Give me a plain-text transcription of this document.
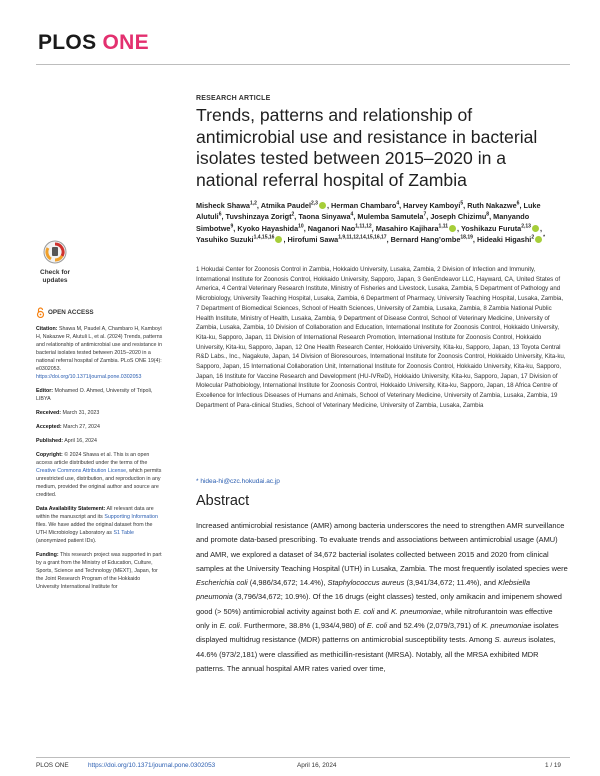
PLOS ONE
Check for
updates
OPEN ACCESS

Citation: Shawa M, Paudel A, Chambaro H, Kamboyi H, Nakazwe R, Alutuli L, et al. (2024) Trends, patterns and relationship of antimicrobial use and resistance in bacterial isolates tested between 2015–2020 in a national referral hospital of Zambia. PLoS ONE 19(4): e0302053. https://doi.org/10.1371/journal.pone.0302053

Editor: Mohamed O. Ahmed, University of Tripoli, LIBYA

Received: March 31, 2023

Accepted: March 27, 2024

Published: April 16, 2024

Copyright: © 2024 Shawa et al. This is an open access article distributed under the terms of the Creative Commons Attribution License, which permits unrestricted use, distribution, and reproduction in any medium, provided the original author and source are credited.

Data Availability Statement: All relevant data are within the manuscript and its Supporting Information files. We have added the original dataset from the UTH Microbiology Laboratory as S1 Table (anonymized patient IDs).

Funding: This research project was supported in part by a grant from the Ministry of Education, Culture, Sports, Science and Technology (MEXT), Japan, for the Joint Research Program of the Hokkaido University International Institute for

RESEARCH ARTICLE
Trends, patterns and relationship of antimicrobial use and resistance in bacterial isolates tested between 2015–2020 in a national referral hospital of Zambia
Misheck Shawa$^{1,2}$, Atmika Paudel$^{2,3}$ , Herman Chambaro$^4$, Harvey Kamboyi$^5$, Ruth Nakazwe$^6$, Luke Alutuli$^6$, Tuvshinzaya Zorigt$^2$, Taona Sinyawa$^4$, Mulemba Samutela$^7$, Joseph Chizimu$^8$, Manyando Simbotwe$^9$, Kyoko Hayashida$^{10}$, Naganori Nao$^{1,11,12}$, Masahiro Kajihara$^{1,11}$ , Yoshikazu Furuta$^{2,13}$ , Yasuhiko Suzuki$^{1,4,15,16}$ , Hirofumi Sawa$^{1,9,11,12,14,15,16,17}$, Bernard Hang’ombe$^{18,19}$, Hideaki Higashi$^2$ *
1 Hokudai Center for Zoonosis Control in Zambia, Hokkaido University, Lusaka, Zambia, 2 Division of Infection and Immunity, International Institute for Zoonosis Control, Hokkaido University, Sapporo, Japan, 3 GenEndeavor LLC, Hayward, CA, United States of America, 4 Central Veterinary Research Institute, Ministry of Fisheries and Livestock, Lusaka, Zambia, 5 Department of Pathology and Microbiology, University Teaching Hospital, Lusaka, Zambia, 6 Department of Pharmacy, University Teaching Hospital, Lusaka, Zambia, 7 Department of Biomedical Sciences, School of Health Sciences, University of Zambia, Lusaka, Zambia, 8 Zambia National Public Health Institute, Ministry of Health, Lusaka, Zambia, 9 Department of Disease Control, School of Veterinary Medicine, University of Zambia, Lusaka, Zambia, 10 Division of Collaboration and Education, International Institute for Zoonosis Control, Hokkaido University, Kita-ku, Sapporo, Japan, 11 Division of International Research Promotion, International Institute for Zoonosis Control, Hokkaido University, Kita-ku, Sapporo, Japan, 12 One Health Research Center, Hokkaido University, Kita-ku, Sapporo, Japan, 13 Toyota Central R&D Labs., Inc., Nagakute, Japan, 14 Division of Bioresources, International Institute for Zoonosis Control, Hokkaido University, Kita-ku, Sapporo, Japan, 15 International Collaboration Unit, International Institute for Zoonosis Control, Hokkaido University, Kita-ku, Sapporo, Japan, 16 Institute for Vaccine Research and Development (HU-IVReD), Hokkaido University, Kita-ku, Sapporo, Japan, 17 Division of Molecular Pathobiology, International Institute for Zoonosis Control, Hokkaido University, Kita-ku, Sapporo, Japan, 18 Africa Centre of Excellence for Infectious Diseases of Humans and Animals, School of Veterinary Medicine, University of Zambia, Lusaka, Zambia, 19 Department of Para-clinical Studies, School of Veterinary Medicine, University of Zambia, Lusaka, Zambia
* hidea-hi@czc.hokudai.ac.jp
Abstract
Increased antimicrobial resistance (AMR) among bacteria underscores the need to strengthen AMR surveillance and promote data-based prescribing. To evaluate trends and associations between antimicrobial usage (AMU) and AMR, we explored a dataset of 34,672 bacterial isolates collected between 2015 and 2020 from clinical samples at the University Teaching Hospital (UTH) in Lusaka, Zambia. The most frequently isolated species were Escherichia coli (4,986/34,672; 14.4%), Staphylococcus aureus (3,941/34,672; 11.4%), and Klebsiella pneumonia (3,796/34,672; 10.9%). Of the 16 drugs (eight classes) tested, only amikacin and imipenem showed good (> 50%) antimicrobial activity against both E. coli and K. pneumoniae, while nitrofurantoin was effective only in E. coli. Furthermore, 38.8% (1,934/4,980) of E. coli and 52.4% (2,079/3,791) of K. pneumoniae isolates displayed multidrug resistance (MDR) patterns on antimicrobial susceptibility tests. Among S. aureus isolates, 44.6% (973/2,181) were classified as methicillin-resistant (MRSA). Notably, all the MRSA exhibited MDR patterns. The annual hospital AMR rates varied over time,
PLOS ONE	https://doi.org/10.1371/journal.pone.0302053	April 16, 2024	1 / 19
